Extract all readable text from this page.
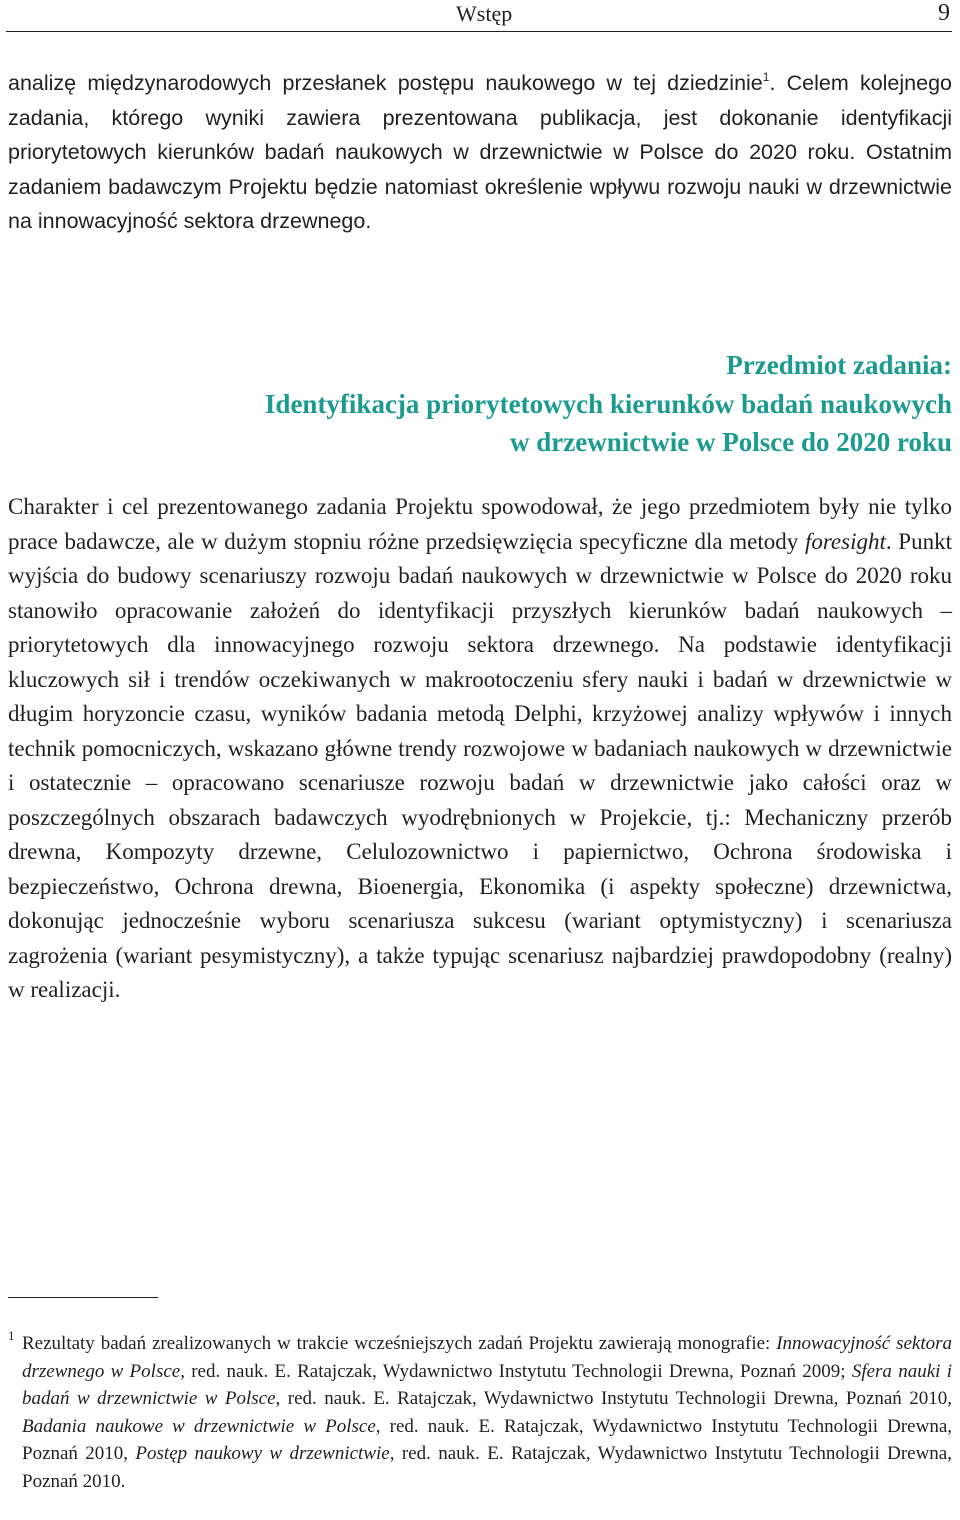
Wstęp	9
analizę międzynarodowych przesłanek postępu naukowego w tej dziedzinie$^1$. Celem kolejnego zadania, którego wyniki zawiera prezentowana publikacja, jest dokonanie identyfikacji priorytetowych kierunków badań naukowych w drzewnictwie w Polsce do 2020 roku. Ostatnim zadaniem badawczym Projektu będzie natomiast określenie wpływu rozwoju nauki w drzewnictwie na innowacyjność sektora drzewnego.
Przedmiot zadania:
Identyfikacja priorytetowych kierunków badań naukowych
w drzewnictwie w Polsce do 2020 roku
Charakter i cel prezentowanego zadania Projektu spowodował, że jego przedmiotem były nie tylko prace badawcze, ale w dużym stopniu różne przedsięwzięcia specyficzne dla metody foresight. Punkt wyjścia do budowy scenariuszy rozwoju badań naukowych w drzewnictwie w Polsce do 2020 roku stanowiło opracowanie założeń do identyfikacji przyszłych kierunków badań naukowych – priorytetowych dla innowacyjnego rozwoju sektora drzewnego. Na podstawie identyfikacji kluczowych sił i trendów oczekiwanych w makrootoczeniu sfery nauki i badań w drzewnictwie w długim horyzoncie czasu, wyników badania metodą Delphi, krzyżowej analizy wpływów i innych technik pomocniczych, wskazano główne trendy rozwojowe w badaniach naukowych w drzewnictwie i ostatecznie – opracowano scenariusze rozwoju badań w drzewnictwie jako całości oraz w poszczególnych obszarach badawczych wyodrębnionych w Projekcie, tj.: Mechaniczny przerób drewna, Kompozyty drzewne, Celulozownictwo i papiernictwo, Ochrona środowiska i bezpieczeństwo, Ochrona drewna, Bioenergia, Ekonomika (i aspekty społeczne) drzewnictwa, dokonując jednocześnie wyboru scenariusza sukcesu (wariant optymistyczny) i scenariusza zagrożenia (wariant pesymistyczny), a także typując scenariusz najbardziej prawdopodobny (realny) w realizacji.
1 Rezultaty badań zrealizowanych w trakcie wcześniejszych zadań Projektu zawierają monografie: Innowacyjność sektora drzewnego w Polsce, red. nauk. E. Ratajczak, Wydawnictwo Instytutu Technologii Drewna, Poznań 2009; Sfera nauki i badań w drzewnictwie w Polsce, red. nauk. E. Ratajczak, Wydawnictwo Instytutu Technologii Drewna, Poznań 2010, Badania naukowe w drzewnictwie w Polsce, red. nauk. E. Ratajczak, Wydawnictwo Instytutu Technologii Drewna, Poznań 2010, Postęp naukowy w drzewnictwie, red. nauk. E. Ratajczak, Wydawnictwo Instytutu Technologii Drewna, Poznań 2010.
